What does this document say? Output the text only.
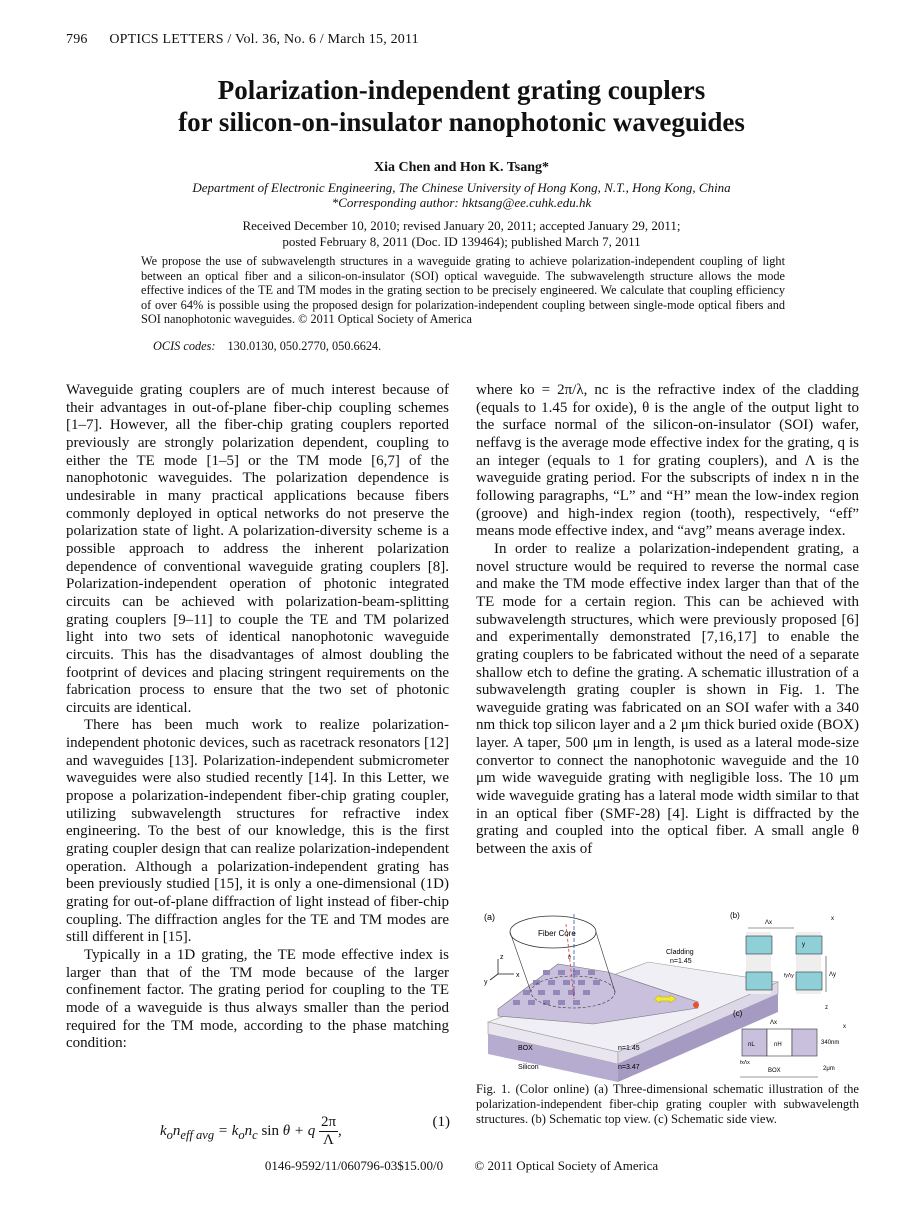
796 OPTICS LETTERS / Vol. 36, No. 6 / March 15, 2011
Polarization-independent grating couplers
for silicon-on-insulator nanophotonic waveguides
Xia Chen and Hon K. Tsang*
Department of Electronic Engineering, The Chinese University of Hong Kong, N.T., Hong Kong, China
*Corresponding author: hktsang@ee.cuhk.edu.hk
Received December 10, 2010; revised January 20, 2011; accepted January 29, 2011;
posted February 8, 2011 (Doc. ID 139464); published March 7, 2011
We propose the use of subwavelength structures in a waveguide grating to achieve polarization-independent coupling of light between an optical fiber and a silicon-on-insulator (SOI) optical waveguide. The subwavelength structure allows the mode effective indices of the TE and TM modes in the grating section to be precisely engineered. We calculate that coupling efficiency of over 64% is possible using the proposed design for polarization-independent coupling between single-mode optical fibers and SOI nanophotonic waveguides. © 2011 Optical Society of America
OCIS codes: 130.0130, 050.2770, 050.6624.

Waveguide grating couplers are of much interest because of their advantages in out-of-plane fiber-chip coupling schemes [1–7]. However, all the fiber-chip grating couplers reported previously are strongly polarization dependent, coupling to either the TE mode [1–5] or the TM mode [6,7] of the nanophotonic waveguides. The polarization dependence is undesirable in many practical applications because fibers commonly deployed in optical networks do not preserve the polarization state of light. A polarization-diversity scheme is a possible approach to address the inherent polarization dependence of conventional waveguide grating couplers [8]. Polarization-independent operation of photonic integrated circuits can be achieved with polarization-beam-splitting grating couplers [9–11] to couple the TE and TM polarized light into two sets of identical nanophotonic waveguide circuits. This has the disadvantages of almost doubling the footprint of devices and placing stringent requirements on the fabrication process to ensure that the two set of photonic circuits are identical.

There has been much work to realize polarization-independent photonic devices, such as racetrack resonators [12] and waveguides [13]. Polarization-independent submicrometer waveguides were also studied recently [14]. In this Letter, we propose a polarization-independent fiber-chip grating coupler, utilizing subwavelength structures for refractive index engineering. To the best of our knowledge, this is the first grating coupler design that can realize polarization-independent operation. Although a polarization-independent grating has been previously studied [15], it is only a one-dimensional (1D) grating for out-of-plane diffraction of light instead of fiber-chip coupling. The diffraction angles for the TE and TM modes are still different in [15].

Typically in a 1D grating, the TE mode effective index is larger than that of the TM mode because of the larger confinement factor. The grating period for coupling to the TE mode of a waveguide is thus always smaller than the period required for the TM mode, according to the phase matching condition:

$k_on_{eff avg} = k_on_c$ sin θ + q $\frac{2\pi}{\Lambda}$ ,
(1)

where ko = 2π/λ, nc is the refractive index of the cladding (equals to 1.45 for oxide), θ is the angle of the output light to the surface normal of the silicon-on-insulator (SOI) wafer, neffavg is the average mode effective index for the grating, q is an integer (equals to 1 for grating couplers), and Λ is the waveguide grating period. For the subscripts of index n in the following paragraphs, “L” and “H” mean the low-index region (groove) and high-index region (tooth), respectively, “eff” means mode effective index, and “avg” means average index.

In order to realize a polarization-independent grating, a novel structure would be required to reverse the normal case and make the TM mode effective index larger than that of the TE mode for a certain region. This can be achieved with subwavelength structures, which were previously proposed [6] and experimentally demonstrated [7,16,17] to enable the grating couplers to be fabricated without the need of a separate shallow etch to define the grating. A schematic illustration of a subwavelength grating coupler is shown in Fig. 1. The waveguide grating was fabricated on an SOI wafer with a 340 nm thick top silicon layer and a 2 μm thick buried oxide (BOX) layer. A taper, 500 μm in length, is used as a lateral mode-size convertor to connect the nanophotonic waveguide and the 10 μm wide waveguide grating with negligible loss. The 10 μm wide waveguide grating has a lateral mode width similar to that in an optical fiber (SMF-28) [4]. Light is diffracted by the grating and coupled into the optical fiber. A small angle θ between the axis of

(a)
Fiber Core
θ
Cladding
n=1.45
BOX	n=1.45
Silicon	n=3.47
x
z
y
(b)
Λx
Λy
fyΛy
y
x
(c)
nL	nH
Λx
fxΛx
BOX
340nm
2μm
z
x
Fig. 1. (Color online) (a) Three-dimensional schematic illustration of the polarization-independent fiber-chip grating coupler with subwavelength structures. (b) Schematic top view. (c) Schematic side view.
0146-9592/11/060796-03$15.00/0 © 2011 Optical Society of America
